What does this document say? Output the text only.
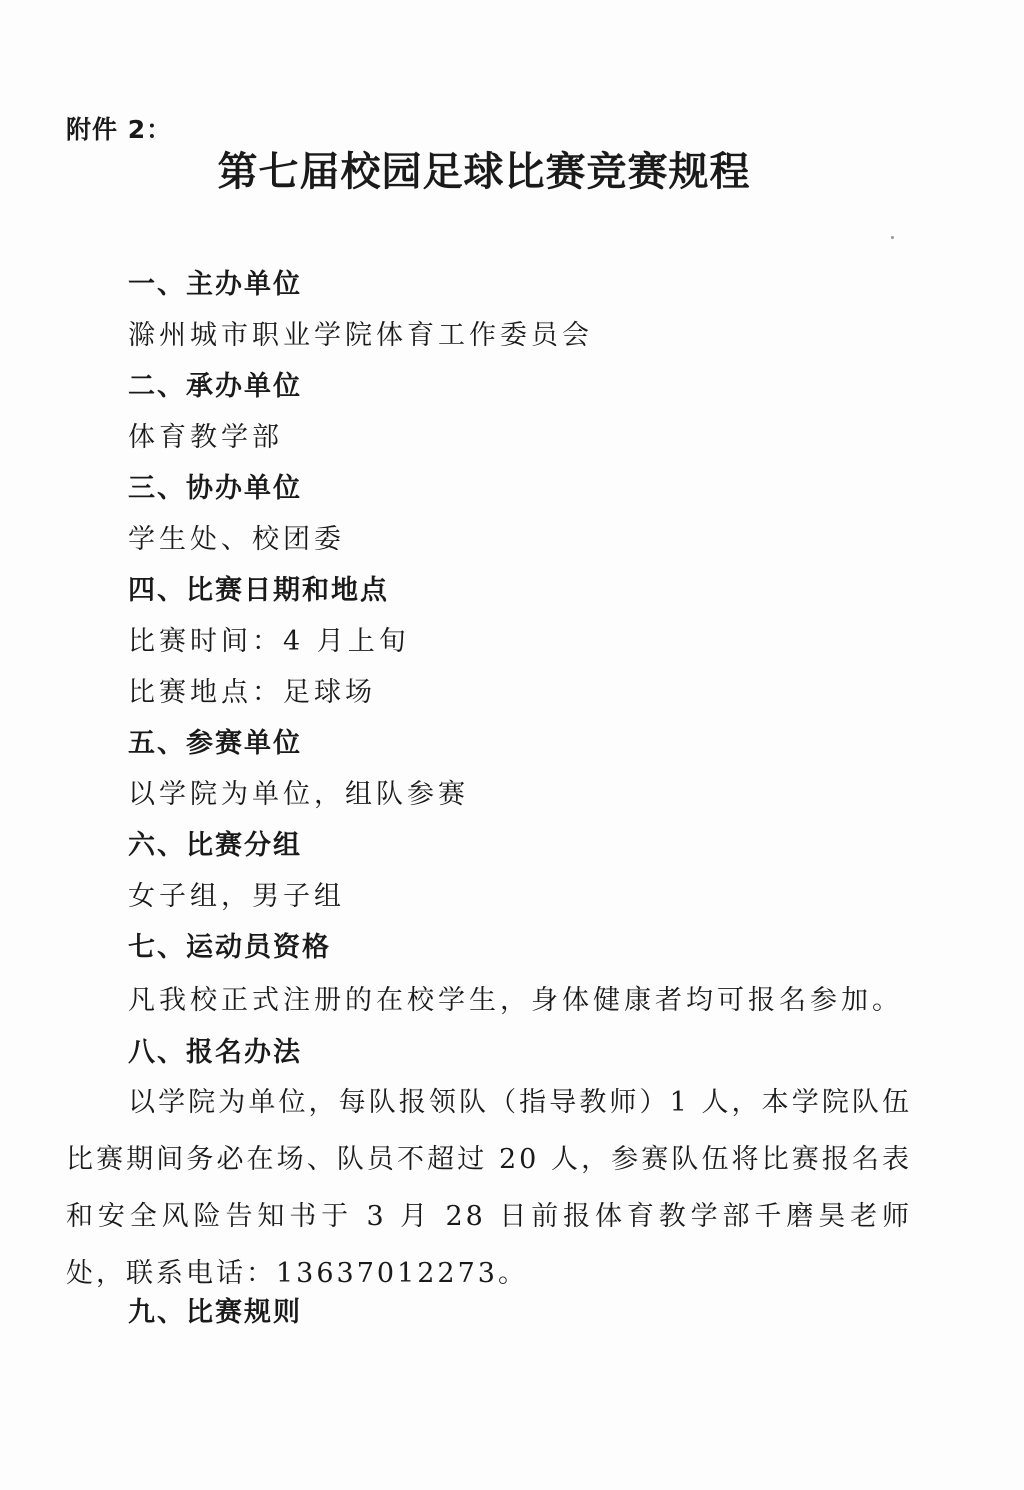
附件 2：
第七届校园足球比赛竞赛规程
一、主办单位
滁州城市职业学院体育工作委员会
二、承办单位
体育教学部
三、协办单位
学生处、校团委
四、比赛日期和地点
比赛时间：4 月上旬
比赛地点：足球场
五、参赛单位
以学院为单位，组队参赛
六、比赛分组
女子组，男子组
七、运动员资格
凡我校正式注册的在校学生，身体健康者均可报名参加。
八、报名办法
以学院为单位，每队报领队（指导教师）1 人，本学院队伍比赛期间务必在场、队员不超过 20 人，参赛队伍将比赛报名表和安全风险告知书于 3 月 28 日前报体育教学部千磨昊老师处，联系电话：13637012273。
九、比赛规则
